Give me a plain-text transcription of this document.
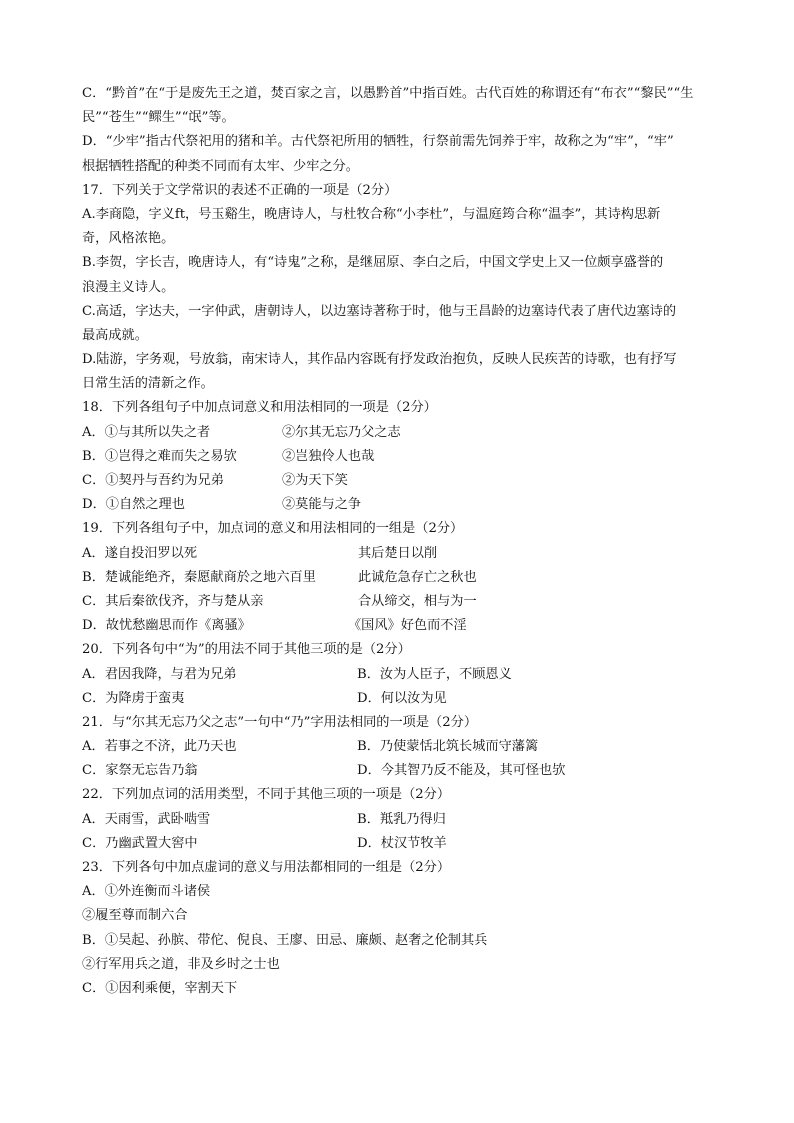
C．“黔首”在“于是废先王之道，焚百家之言，以愚黔首”中指百姓。古代百姓的称谓还有“布衣”“黎民”“生
民”“苍生”“鳏生”“氓”等。
D．“少牢”指古代祭祀用的猪和羊。古代祭祀所用的牺牲，行祭前需先饲养于牢，故称之为“牢”，“牢”
根据牺牲搭配的种类不同而有太牢、少牢之分。
17．下列关于文学常识的表述不正确的一项是（2分）
A.李商隐，字义ft，号玉谿生，晚唐诗人，与杜牧合称“小李杜”，与温庭筠合称“温李”，其诗构思新
奇，风格浓艳。
B.李贺，字长吉，晚唐诗人，有“诗鬼”之称，是继屈原、李白之后，中国文学史上又一位颇享盛誉的
浪漫主义诗人。
C.高适，字达夫，一字仲武，唐朝诗人，以边塞诗著称于时，他与王昌龄的边塞诗代表了唐代边塞诗的
最高成就。
D.陆游，字务观，号放翁，南宋诗人，其作品内容既有抒发政治抱负，反映人民疾苦的诗歌，也有抒写
日常生活的清新之作。
18．下列各组句子中加点词意义和用法相同的一项是（2分）
A．①与其所以失之者	②尔其无忘乃父之志
B．①岂得之难而失之易欤	②岂独伶人也哉
C．①契丹与吾约为兄弟	②为天下笑
D．①自然之理也	②莫能与之争
19．下列各组句子中，加点词的意义和用法相同的一组是（2分）
A．遂自投汨罗以死	其后楚日以削
B．楚诚能绝齐，秦愿献商於之地六百里	此诚危急存亡之秋也
C．其后秦欲伐齐，齐与楚从亲	合从缔交，相与为一
D．故忧愁幽思而作《离骚》	《国风》好色而不淫
20．下列各句中“为”的用法不同于其他三项的是（2分）
A．君因我降，与君为兄弟	B．汝为人臣子，不顾恩义
C．为降虏于蛮夷	D．何以汝为见
21．与“尔其无忘乃父之志”一句中“乃”字用法相同的一项是（2分）
A．若事之不济，此乃天也	B．乃使蒙恬北筑长城而守藩篱
C．家祭无忘告乃翁	D．今其智乃反不能及，其可怪也欤
22．下列加点词的活用类型，不同于其他三项的一项是（2分）
A．天雨雪，武卧啮雪	B．羝乳乃得归
C．乃幽武置大窖中	D．杖汉节牧羊
23．下列各句中加点虚词的意义与用法都相同的一组是（2分）
A．①外连衡而斗诸侯
②履至尊而制六合
B．①吴起、孙膑、带佗、倪良、王廖、田忌、廉颇、赵奢之伦制其兵
②行军用兵之道，非及乡时之士也
C．①因利乘便，宰割天下
